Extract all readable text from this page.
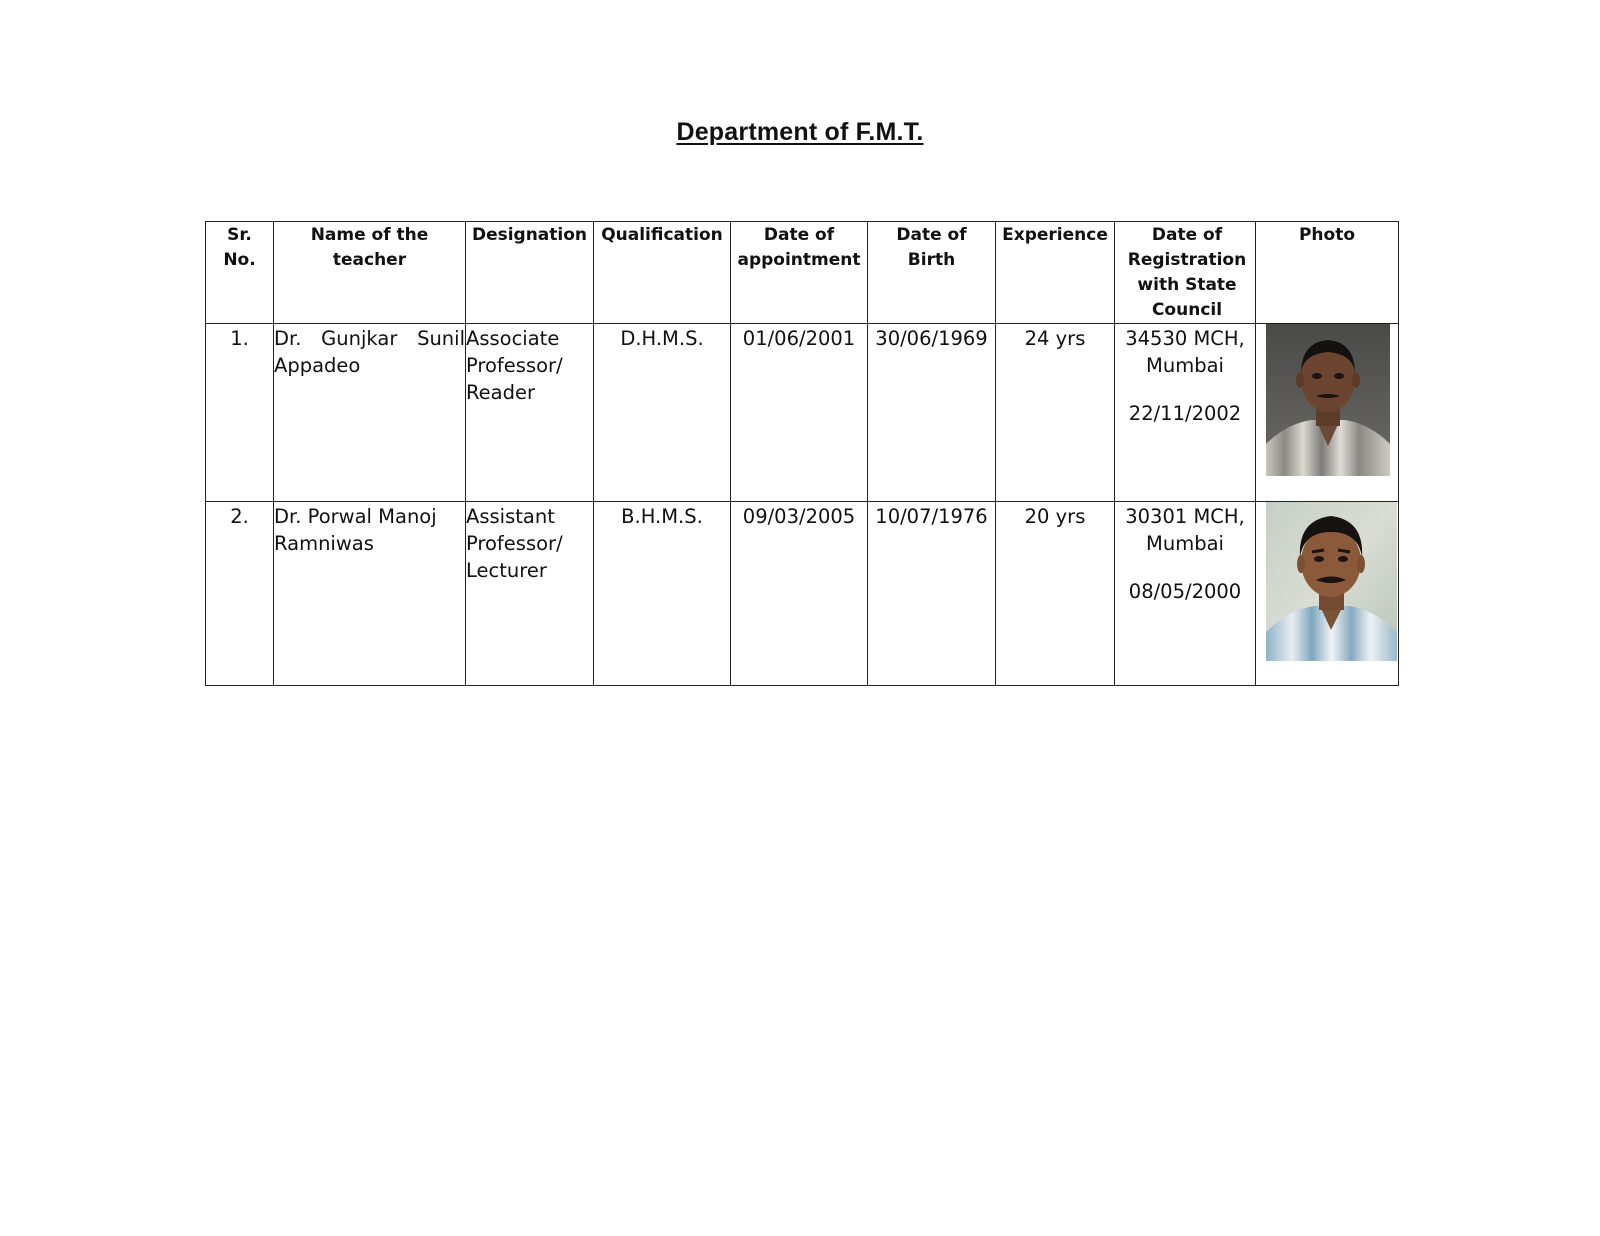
Department of F.M.T.
Sr. No.	Name of the teacher	Designation	Qualification	Date of appointment	Date of Birth	Experience	Date of Registration with State Council	Photo
1.	Dr. Gunjkar Sunil Appadeo	Associate Professor/ Reader	D.H.M.S.	01/06/2001	30/06/1969	24 yrs	34530 MCH, Mumbai
22/11/2002

2.	Dr. Porwal Manoj Ramniwas	Assistant Professor/ Lecturer	B.H.M.S.	09/03/2005	10/07/1976	20 yrs	30301 MCH, Mumbai
08/05/2000
